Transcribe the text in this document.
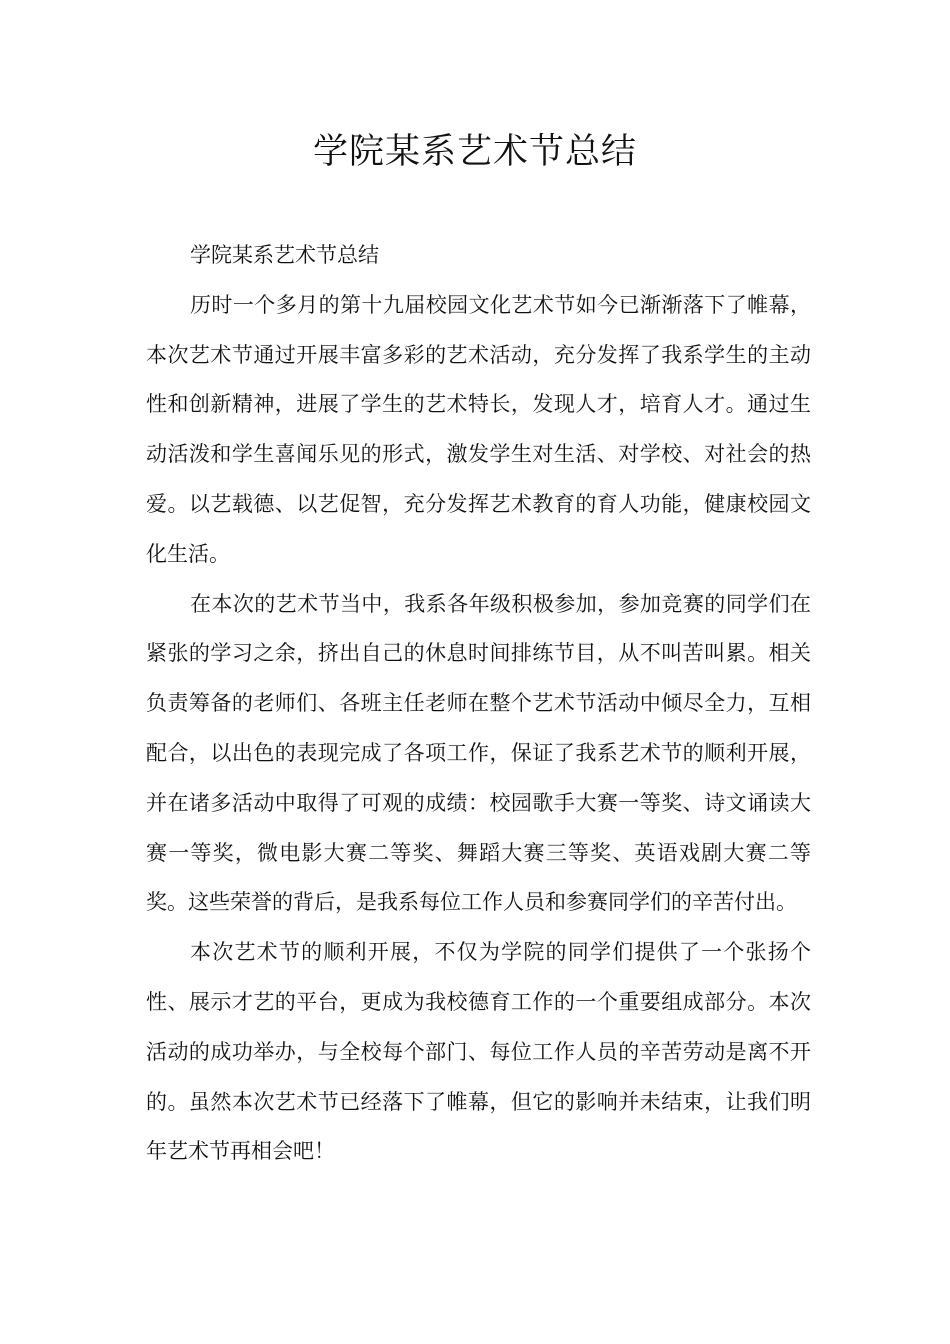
学院某系艺术节总结

学院某系艺术节总结

历时一个多月的第十九届校园文化艺术节如今已渐渐落下了帷幕，本次艺术节通过开展丰富多彩的艺术活动，充分发挥了我系学生的主动性和创新精神，进展了学生的艺术特长，发现人才，培育人才。通过生动活泼和学生喜闻乐见的形式，激发学生对生活、对学校、对社会的热爱。以艺载德、以艺促智，充分发挥艺术教育的育人功能，健康校园文化生活。

在本次的艺术节当中，我系各年级积极参加，参加竞赛的同学们在紧张的学习之余，挤出自己的休息时间排练节目，从不叫苦叫累。相关负责筹备的老师们、各班主任老师在整个艺术节活动中倾尽全力，互相配合，以出色的表现完成了各项工作，保证了我系艺术节的顺利开展，并在诸多活动中取得了可观的成绩：校园歌手大赛一等奖、诗文诵读大赛一等奖，微电影大赛二等奖、舞蹈大赛三等奖、英语戏剧大赛二等奖。这些荣誉的背后，是我系每位工作人员和参赛同学们的辛苦付出。

本次艺术节的顺利开展，不仅为学院的同学们提供了一个张扬个性、展示才艺的平台，更成为我校德育工作的一个重要组成部分。本次活动的成功举办，与全校每个部门、每位工作人员的辛苦劳动是离不开的。虽然本次艺术节已经落下了帷幕，但它的影响并未结束，让我们明年艺术节再相会吧！
